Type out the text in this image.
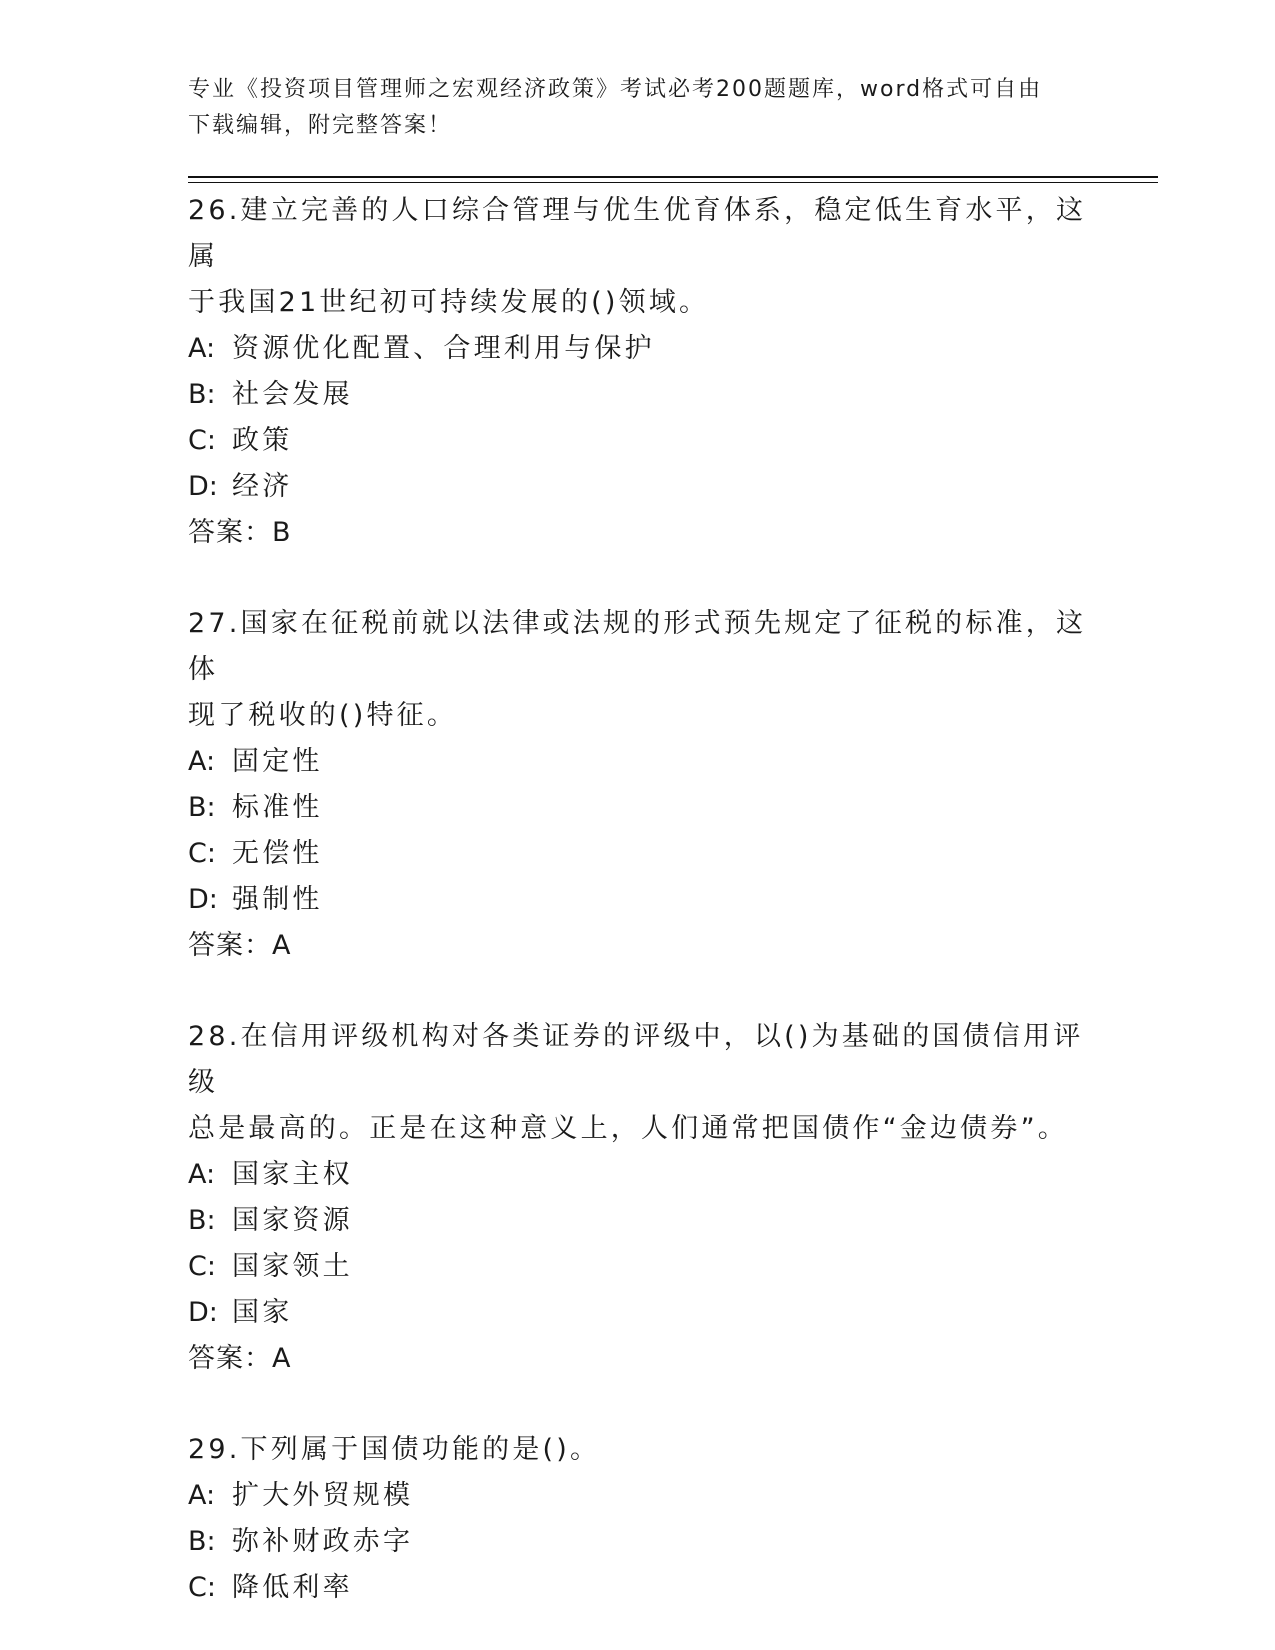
专业《投资项目管理师之宏观经济政策》考试必考200题题库，word格式可自由
下载编辑，附完整答案！

26.建立完善的人口综合管理与优生优育体系，稳定低生育水平，这属

于我国21世纪初可持续发展的()领域。

A: 资源优化配置、合理利用与保护

B: 社会发展

C: 政策

D: 经济

答案：B

27.国家在征税前就以法律或法规的形式预先规定了征税的标准，这体

现了税收的()特征。

A: 固定性

B: 标准性

C: 无偿性

D: 强制性

答案：A

28.在信用评级机构对各类证券的评级中，以()为基础的国债信用评级

总是最高的。正是在这种意义上，人们通常把国债作“金边债券”。

A: 国家主权

B: 国家资源

C: 国家领土

D: 国家

答案：A

29.下列属于国债功能的是()。

A: 扩大外贸规模

B: 弥补财政赤字

C: 降低利率
